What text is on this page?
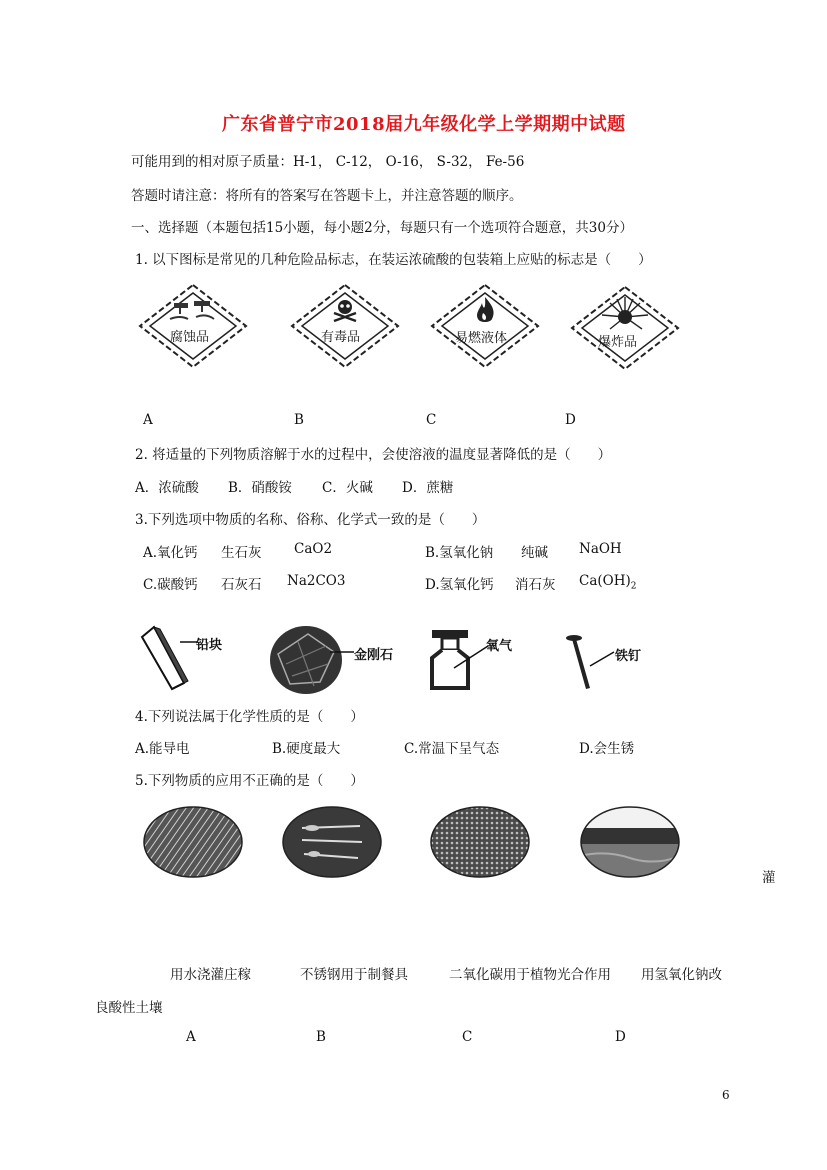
广东省普宁市2018届九年级化学上学期期中试题
可能用到的相对原子质量：H-1， C-12， O-16， S-32， Fe-56
答题时请注意：将所有的答案写在答题卡上，并注意答题的顺序。
一、选择题（本题包括15小题，每小题2分，每题只有一个选项符合题意，共30分）
1. 以下图标是常见的几种危险品标志，在装运浓硫酸的包装箱上应贴的标志是（　　）
腐蚀品	有毒品	易燃液体	爆炸品
A	B	C	D
2. 将适量的下列物质溶解于水的过程中，会使溶液的温度显著降低的是（　　）
A．浓硫酸 B．硝酸铵 C．火碱 D．蔗糖
3.下列选项中物质的名称、俗称、化学式一致的是（　　）
A.氧化钙 生石灰 CaO2	B.氢氧化钠 纯碱 NaOH
C.碳酸钙 石灰石 Na2CO3	D.氢氧化钙 消石灰 $Ca(OH)_2$
铅块
金刚石
氧气
铁钉
4.下列说法属于化学性质的是（　　）
A.能导电	B.硬度最大	C.常温下呈气态	D.会生锈
5.下列物质的应用不正确的是（　　）
灌
用水浇灌庄稼	不锈钢用于制餐具	二氧化碳用于植物光合作用 用氢氧化钠改
良酸性土壤
A	B	C	D
6
